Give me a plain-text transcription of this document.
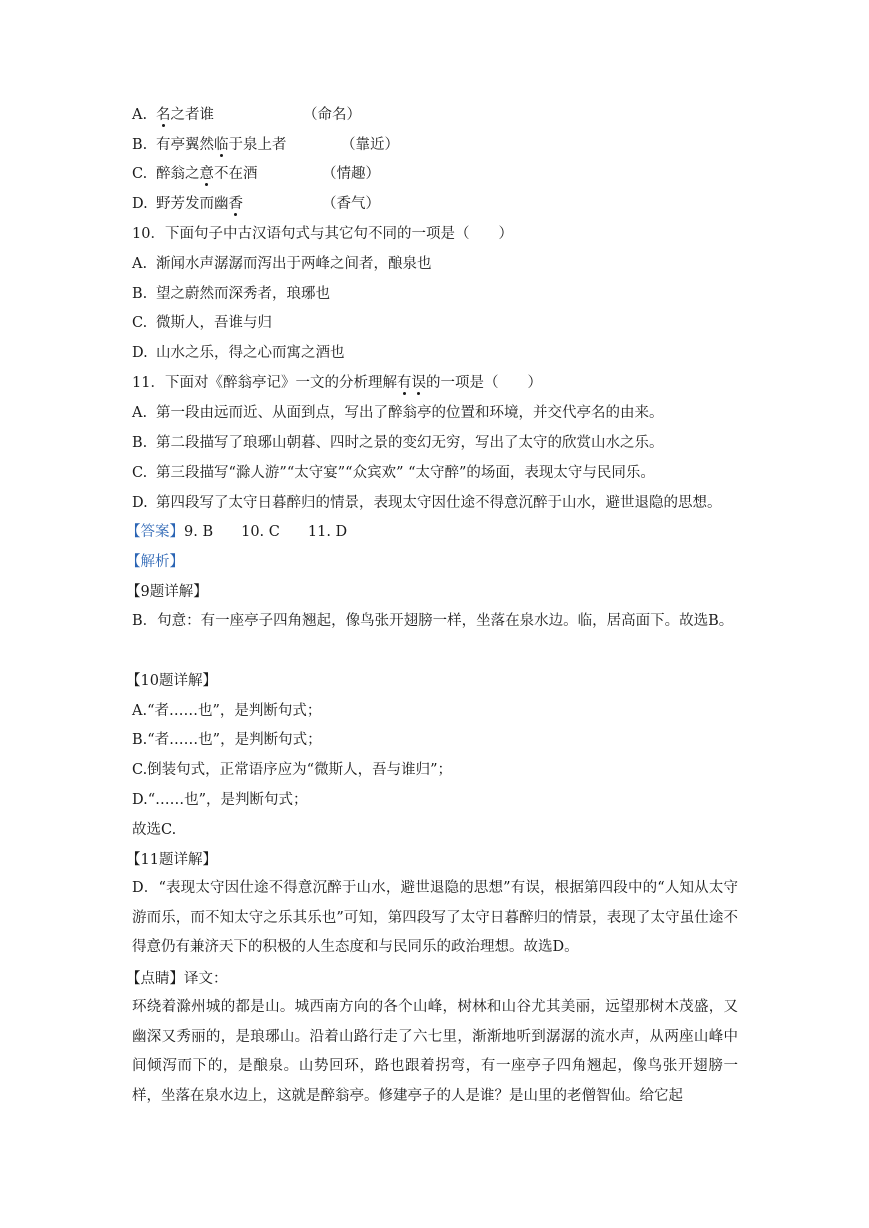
A. 名之者谁	（命名）
B. 有亭翼然临于泉上者	（靠近）
C. 醉翁之意不在酒	（情趣）
D. 野芳发而幽香	（香气）
10．下面句子中古汉语句式与其它句不同的一项是（　　）
A. 渐闻水声潺潺而泻出于两峰之间者，酿泉也
B. 望之蔚然而深秀者，琅琊也
C. 微斯人，吾谁与归
D. 山水之乐，得之心而寓之酒也
11．下面对《醉翁亭记》一文的分析理解有误的一项是（　　）
A. 第一段由远而近、从面到点，写出了醉翁亭的位置和环境，并交代亭名的由来。
B. 第二段描写了琅琊山朝暮、四时之景的变幻无穷，写出了太守的欣赏山水之乐。
C. 第三段描写“滁人游”“太守宴”“众宾欢” “太守醉”的场面，表现太守与民同乐。
D. 第四段写了太守日暮醉归的情景，表现太守因仕途不得意沉醉于山水，避世退隐的思想。
【答案】9. B 10. C 11. D
【解析】
【9题详解】

B．句意：有一座亭子四角翘起，像鸟张开翅膀一样，坐落在泉水边。临，居高面下。故选B。

【10题详解】
A.“者……也”，是判断句式；
B.“者……也”，是判断句式；
C.倒装句式，正常语序应为“微斯人，吾与谁归”；
D.“……也”，是判断句式；
故选C.
【11题详解】

D．“表现太守因仕途不得意沉醉于山水，避世退隐的思想”有误，根据第四段中的“人知从太守游而乐，而不知太守之乐其乐也”可知，第四段写了太守日暮醉归的情景，表现了太守虽仕途不得意仍有兼济天下的积极的人生态度和与民同乐的政治理想。故选D。

【点睛】译文：

环绕着滁州城的都是山。城西南方向的各个山峰，树林和山谷尤其美丽，远望那树木茂盛，又幽深又秀丽的，是琅琊山。沿着山路行走了六七里，渐渐地听到潺潺的流水声，从两座山峰中间倾泻而下的，是酿泉。山势回环，路也跟着拐弯，有一座亭子四角翘起，像鸟张开翅膀一样，坐落在泉水边上，这就是醉翁亭。修建亭子的人是谁？是山里的老僧智仙。给它起
